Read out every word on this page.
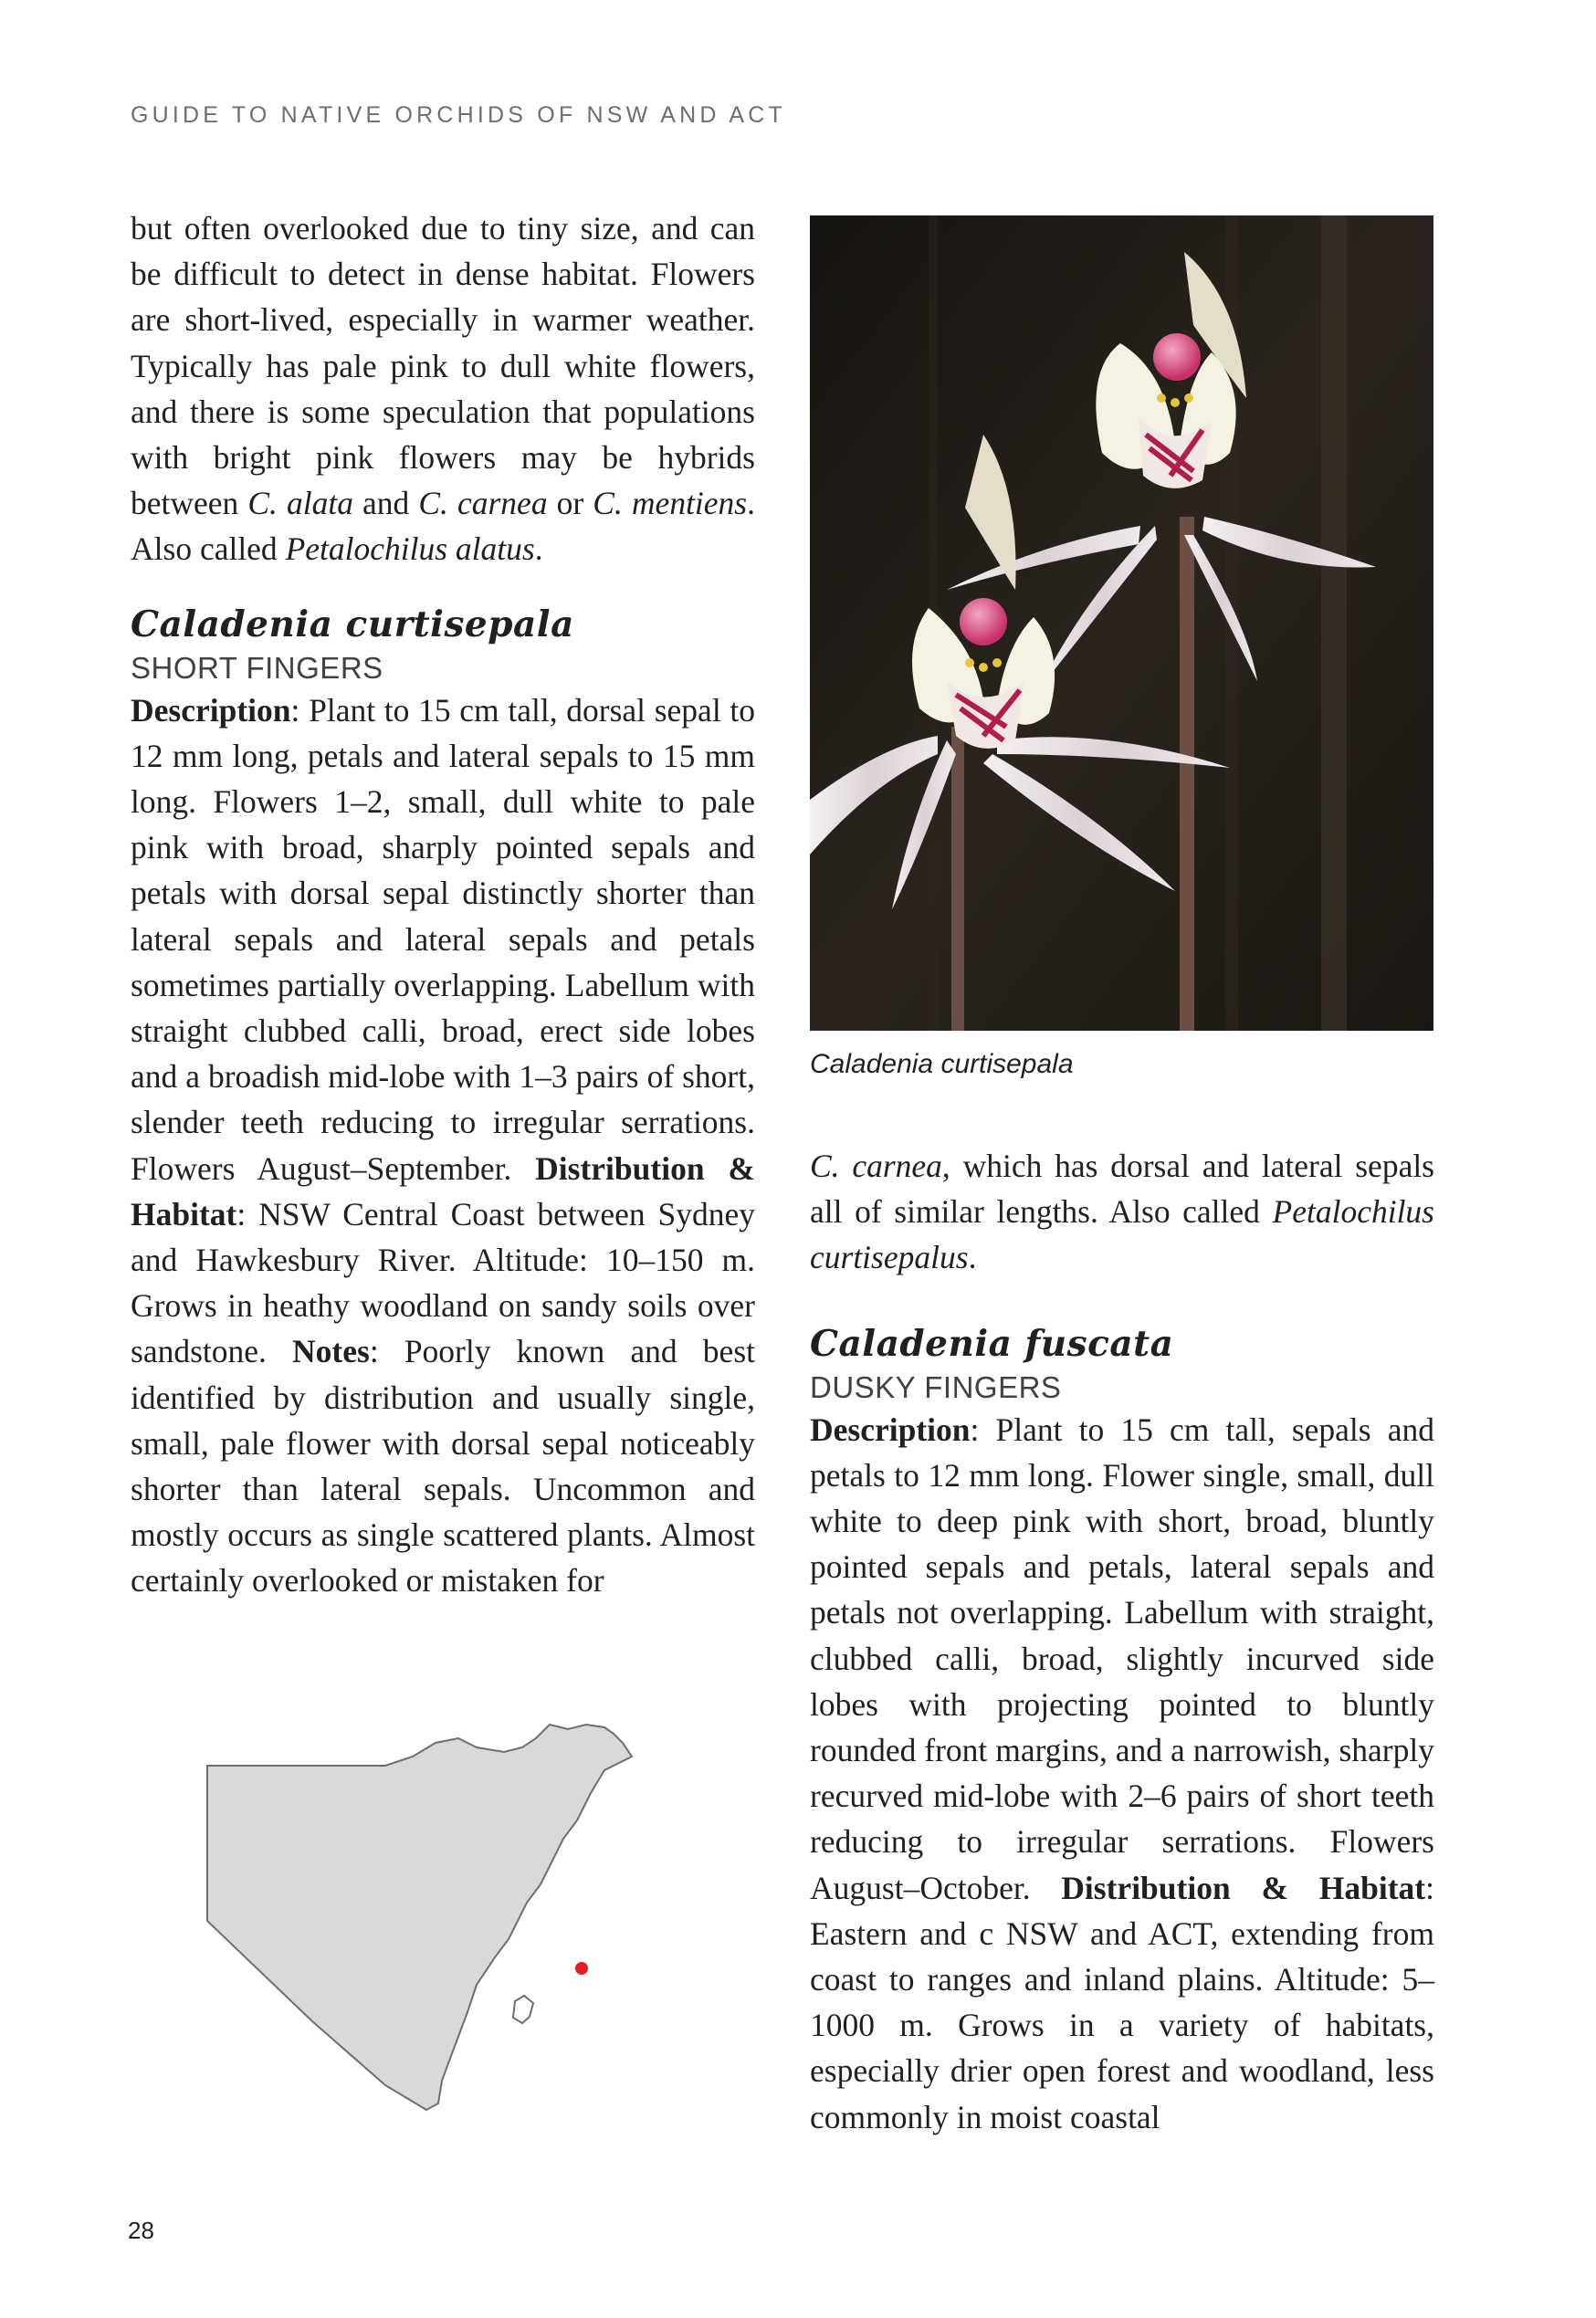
GUIDE TO NATIVE ORCHIDS OF NSW AND ACT

but often overlooked due to tiny size, and can be difficult to detect in dense habitat. Flowers are short-lived, especially in warmer weather. Typically has pale pink to dull white flowers, and there is some speculation that populations with bright pink flowers may be hybrids between C. alata and C. carnea or C. mentiens. Also called Petalochilus alatus.

Caladenia curtisepala

SHORT FINGERS

Description: Plant to 15 cm tall, dorsal sepal to 12 mm long, petals and lateral sepals to 15 mm long. Flowers 1–2, small, dull white to pale pink with broad, sharply pointed sepals and petals with dorsal sepal distinctly shorter than lateral sepals and lateral sepals and petals sometimes partially overlapping. Labellum with straight clubbed calli, broad, erect side lobes and a broadish mid-lobe with 1–3 pairs of short, slender teeth reducing to irregular serrations. Flowers August–September. Distribution & Habitat: NSW Central Coast between Sydney and Hawkesbury River. Altitude: 10–150 m. Grows in heathy woodland on sandy soils over sandstone. Notes: Poorly known and best identified by distribution and usually single, small, pale flower with dorsal sepal noticeably shorter than lateral sepals. Uncommon and mostly occurs as single scattered plants. Almost certainly overlooked or mistaken for

Caladenia curtisepala

C. carnea, which has dorsal and lateral sepals all of similar lengths. Also called Petalochilus curtisepalus.

Caladenia fuscata

DUSKY FINGERS

Description: Plant to 15 cm tall, sepals and petals to 12 mm long. Flower single, small, dull white to deep pink with short, broad, bluntly pointed sepals and petals, lateral sepals and petals not overlapping. Labellum with straight, clubbed calli, broad, slightly incurved side lobes with projecting pointed to bluntly rounded front margins, and a narrowish, sharply recurved mid-lobe with 2–6 pairs of short teeth reducing to irregular serrations. Flowers August–October. Distribution & Habitat: Eastern and c NSW and ACT, extending from coast to ranges and inland plains. Altitude: 5–1000 m. Grows in a variety of habitats, especially drier open forest and woodland, less commonly in moist coastal

28
